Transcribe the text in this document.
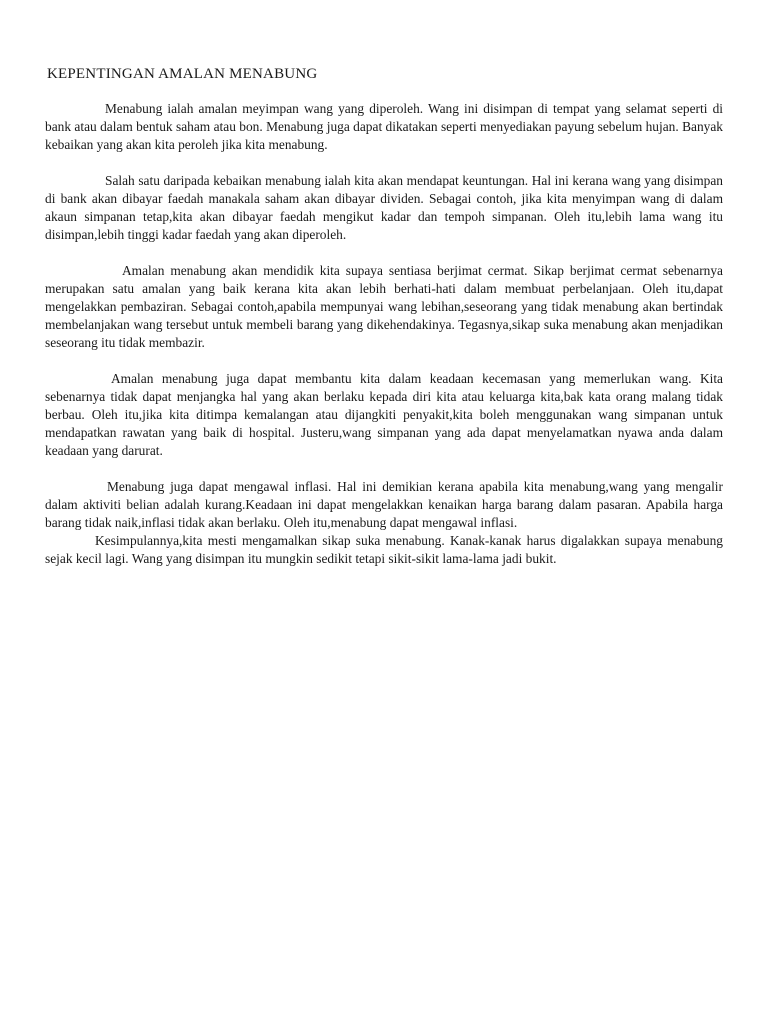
KEPENTINGAN AMALAN MENABUNG

Menabung ialah amalan meyimpan wang yang diperoleh. Wang ini disimpan di tempat yang selamat seperti di bank atau dalam bentuk saham atau bon. Menabung juga dapat dikatakan seperti menyediakan payung sebelum hujan. Banyak kebaikan yang akan kita peroleh jika kita menabung.

Salah satu daripada kebaikan menabung ialah kita akan mendapat keuntungan. Hal ini kerana wang yang disimpan di bank akan dibayar faedah manakala saham akan dibayar dividen. Sebagai contoh, jika kita menyimpan wang di dalam akaun simpanan tetap,kita akan dibayar faedah mengikut kadar dan tempoh simpanan. Oleh itu,lebih lama wang itu disimpan,lebih tinggi kadar faedah yang akan diperoleh.

Amalan menabung akan mendidik kita supaya sentiasa berjimat cermat. Sikap berjimat cermat sebenarnya merupakan satu amalan yang baik kerana kita akan lebih berhati-hati dalam membuat perbelanjaan. Oleh itu,dapat mengelakkan pembaziran. Sebagai contoh,apabila mempunyai wang lebihan,seseorang yang tidak menabung akan bertindak membelanjakan wang tersebut untuk membeli barang yang dikehendakinya. Tegasnya,sikap suka menabung akan menjadikan seseorang itu tidak membazir.

Amalan menabung juga dapat membantu kita dalam keadaan kecemasan yang memerlukan wang. Kita sebenarnya tidak dapat menjangka hal yang akan berlaku kepada diri kita atau keluarga kita,bak kata orang malang tidak berbau. Oleh itu,jika kita ditimpa kemalangan atau dijangkiti penyakit,kita boleh menggunakan wang simpanan untuk mendapatkan rawatan yang baik di hospital. Justeru,wang simpanan yang ada dapat menyelamatkan nyawa anda dalam keadaan yang darurat.

Menabung juga dapat mengawal inflasi. Hal ini demikian kerana apabila kita menabung,wang yang mengalir dalam aktiviti belian adalah kurang.Keadaan ini dapat mengelakkan kenaikan harga barang dalam pasaran. Apabila harga barang tidak naik,inflasi tidak akan berlaku. Oleh itu,menabung dapat mengawal inflasi.

Kesimpulannya,kita mesti mengamalkan sikap suka menabung. Kanak-kanak harus digalakkan supaya menabung sejak kecil lagi. Wang yang disimpan itu mungkin sedikit tetapi sikit-sikit lama-lama jadi bukit.
